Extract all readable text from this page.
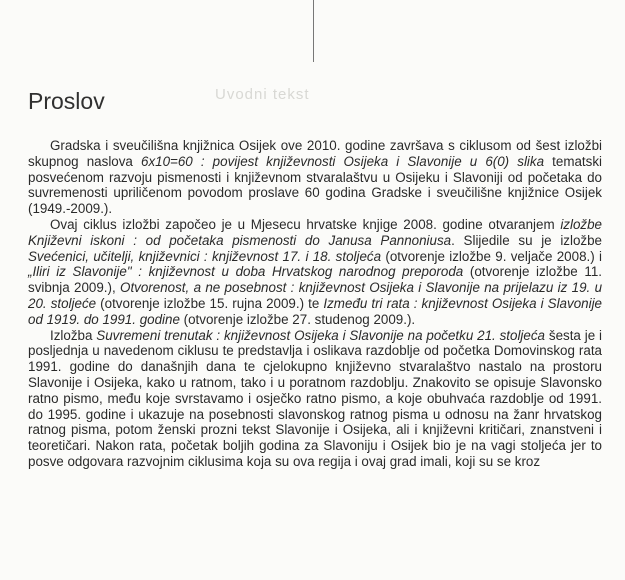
Uvodni tekst
Proslov

Gradska i sveučilišna knjižnica Osijek ove 2010. godine završava s ciklusom od šest izložbi skupnog naslova 6x10=60 : povijest književnosti Osijeka i Slavonije u 6(0) slika tematski posvećenom razvoju pismenosti i književnom stvaralaštvu u Osijeku i Slavoniji od početaka do suvremenosti upriličenom povodom proslave 60 godina Gradske i sveučilišne knjižnice Osijek (1949.-2009.).

Ovaj ciklus izložbi započeo je u Mjesecu hrvatske knjige 2008. godine otvaranjem izložbe Književni iskoni : od početaka pismenosti do Janusa Pannoniusa. Slijedile su je izložbe Svećenici, učitelji, književnici : književnost 17. i 18. stoljeća (otvorenje izložbe 9. veljače 2008.) i „Iliri iz Slavonije" : književnost u doba Hrvatskog narodnog preporoda (otvorenje izložbe 11. svibnja 2009.), Otvorenost, a ne posebnost : književnost Osijeka i Slavonije na prijelazu iz 19. u 20. stoljeće (otvorenje izložbe 15. rujna 2009.) te Između tri rata : književnost Osijeka i Slavonije od 1919. do 1991. godine (otvorenje izložbe 27. studenog 2009.).

Izložba Suvremeni trenutak : književnost Osijeka i Slavonije na početku 21. stoljeća šesta je i posljednja u navedenom ciklusu te predstavlja i oslikava razdoblje od početka Domovinskog rata 1991. godine do današnjih dana te cjelokupno književno stvaralaštvo nastalo na prostoru Slavonije i Osijeka, kako u ratnom, tako i u poratnom razdoblju. Znakovito se opisuje Slavonsko ratno pismo, među koje svrstavamo i osječko ratno pismo, a koje obuhvaća razdoblje od 1991. do 1995. godine i ukazuje na posebnosti slavonskog ratnog pisma u odnosu na žanr hrvatskog ratnog pisma, potom ženski prozni tekst Slavonije i Osijeka, ali i književni kritičari, znanstveni i teoretičari. Nakon rata, početak boljih godina za Slavoniju i Osijek bio je na vagi stoljeća jer to posve odgovara razvojnim ciklusima koja su ova regija i ovaj grad imali, koji su se kroz
